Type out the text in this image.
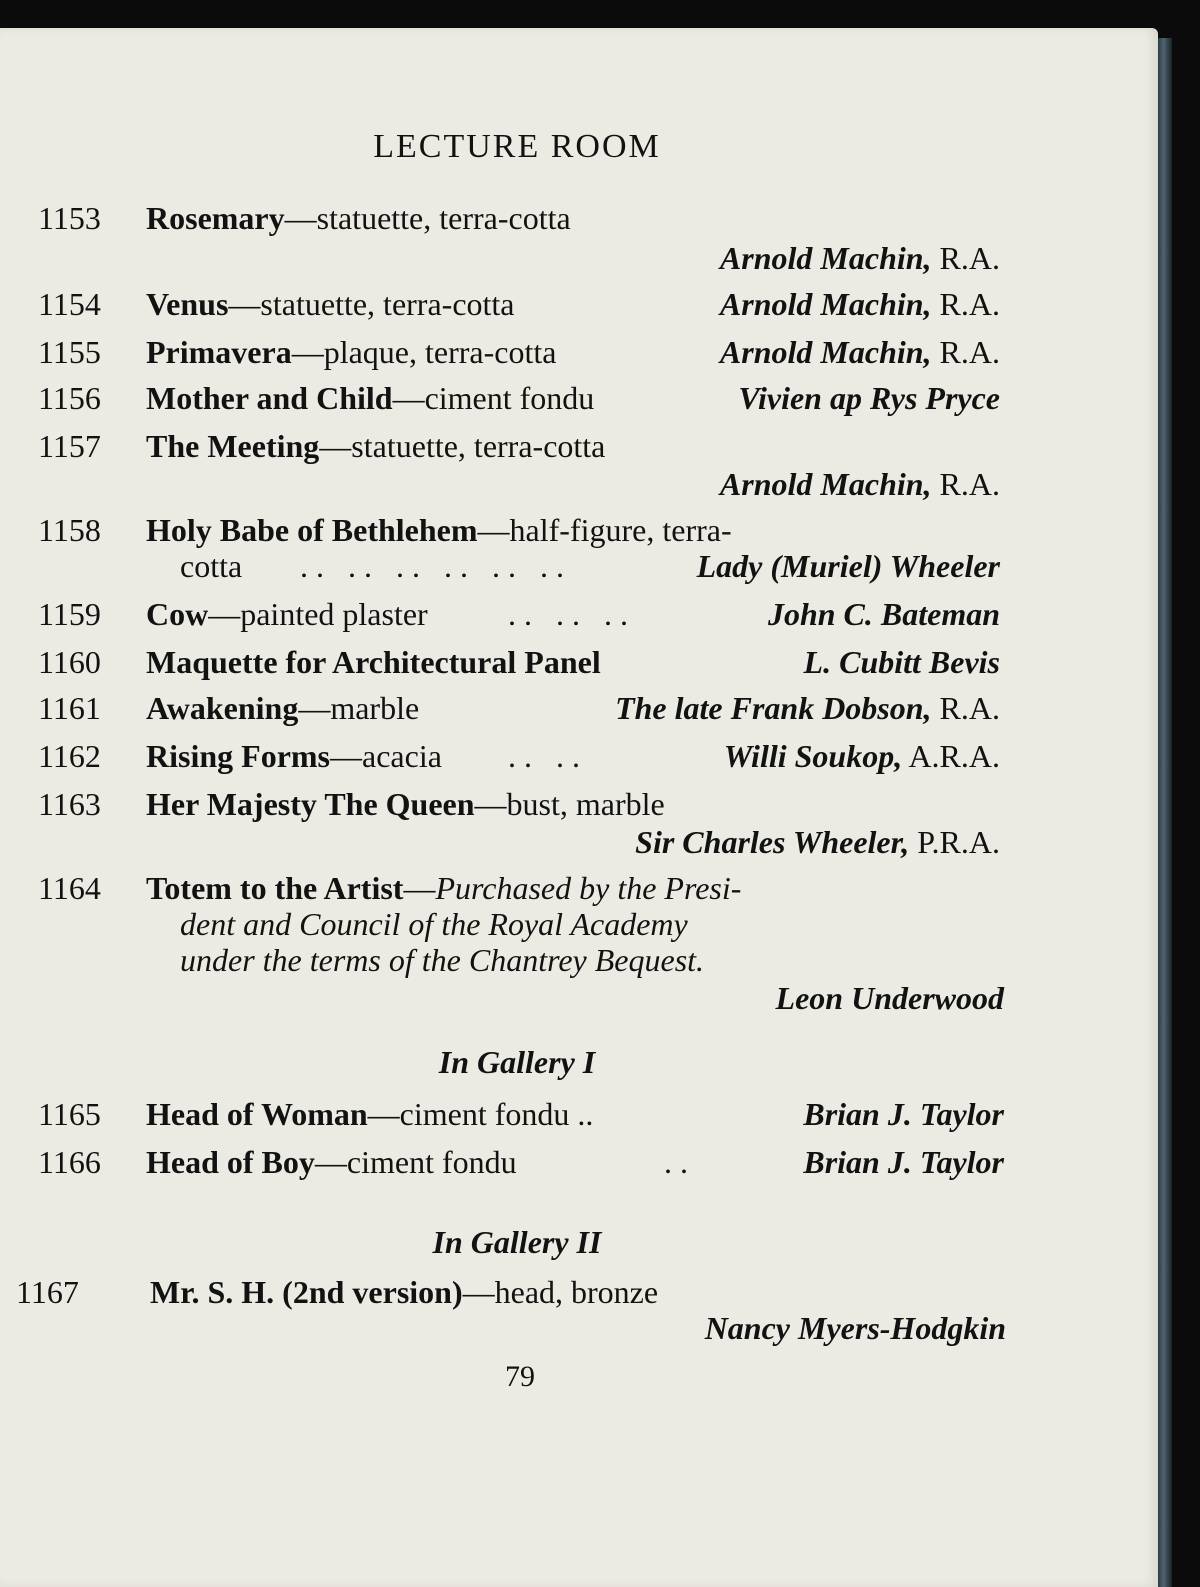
LECTURE ROOM
1153 Rosemary—statuette, terra-cotta
Arnold Machin, R.A.
1154 Venus—statuette, terra-cotta	Arnold Machin, R.A.
1155 Primavera—plaque, terra-cotta	Arnold Machin, R.A.
1156 Mother and Child—ciment fondu	Vivien ap Rys Pryce
1157 The Meeting—statuette, terra-cotta
Arnold Machin, R.A.
1158 Holy Babe of Bethlehem—half-figure, terra-
cotta .. .. .. .. .. ..	Lady (Muriel) Wheeler
1159 Cow—painted plaster	.. .. ..	John C. Bateman
1160 Maquette for Architectural Panel	L. Cubitt Bevis
1161 Awakening—marble	The late Frank Dobson, R.A.
1162 Rising Forms—acacia .. ..	Willi Soukop, A.R.A.
1163 Her Majesty The Queen—bust, marble
Sir Charles Wheeler, P.R.A.
1164 Totem to the Artist—Purchased by the Presi-
dent and Council of the Royal Academy
under the terms of the Chantrey Bequest.
Leon Underwood
In Gallery I
1165 Head of Woman—ciment fondu ..	Brian J. Taylor
1166 Head of Boy—ciment fondu	..	Brian J. Taylor
In Gallery II
1167 Mr. S. H. (2nd version)—head, bronze
Nancy Myers-Hodgkin
79
